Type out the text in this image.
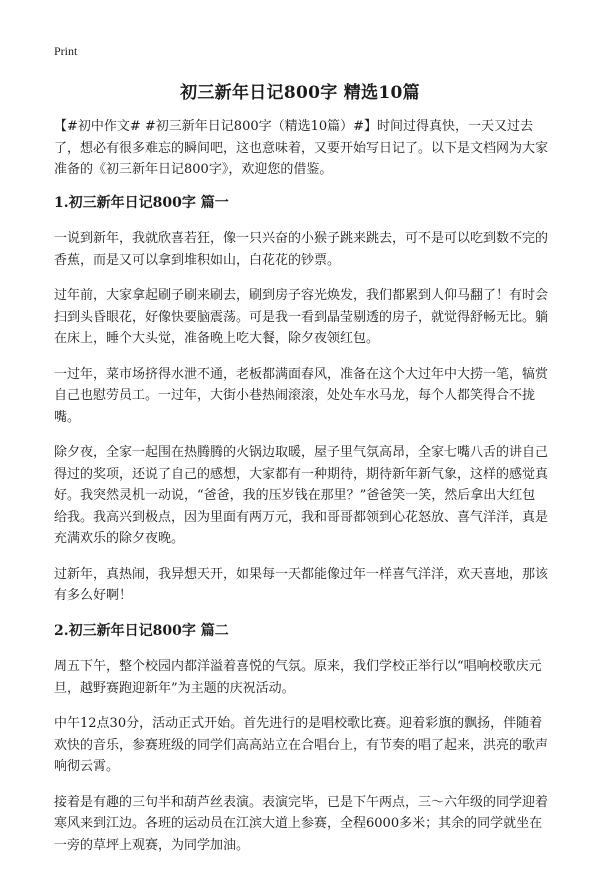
Print
初三新年日记800字 精选10篇

【#初中作文# #初三新年日记800字（精选10篇）#】时间过得真快，一天又过去了，想必有很多难忘的瞬间吧，这也意味着，又要开始写日记了。以下是文档网为大家准备的《初三新年日记800字》，欢迎您的借鉴。

1.初三新年日记800字 篇一

一说到新年，我就欣喜若狂，像一只兴奋的小猴子跳来跳去，可不是可以吃到数不完的香蕉，而是又可以拿到堆积如山，白花花的钞票。

过年前，大家拿起刷子刷来刷去，刷到房子容光焕发，我们都累到人仰马翻了！有时会扫到头昏眼花，好像快要脑震荡。可是我一看到晶莹剔透的房子，就觉得舒畅无比。躺在床上，睡个大头觉，准备晚上吃大餐，除夕夜领红包。

一过年，菜市场挤得水泄不通，老板都满面春风，准备在这个大过年中大捞一笔，犒赏自己也慰劳员工。一过年，大街小巷热闹滚滚，处处车水马龙，每个人都笑得合不拢嘴。

除夕夜，全家一起围在热腾腾的火锅边取暖，屋子里气氛高昂，全家七嘴八舌的讲自己得过的奖项，还说了自己的感想，大家都有一种期待，期待新年新气象，这样的感觉真好。我突然灵机一动说，“爸爸，我的压岁钱在那里？”爸爸笑一笑，然后拿出大红包给我。我高兴到极点，因为里面有两万元，我和哥哥都领到心花怒放、喜气洋洋，真是充满欢乐的除夕夜晚。

过新年，真热闹，我异想天开，如果每一天都能像过年一样喜气洋洋，欢天喜地，那该有多么好啊！

2.初三新年日记800字 篇二

周五下午，整个校园内都洋溢着喜悦的气氛。原来，我们学校正举行以“唱响校歌庆元旦，越野赛跑迎新年”为主题的庆祝活动。

中午12点30分，活动正式开始。首先进行的是唱校歌比赛。迎着彩旗的飘扬，伴随着欢快的音乐，参赛班级的同学们高高站立在合唱台上，有节奏的唱了起来，洪亮的歌声响彻云霄。

接着是有趣的三句半和葫芦丝表演。表演完毕，已是下午两点，三～六年级的同学迎着寒风来到江边。各班的运动员在江滨大道上参赛，全程6000多米；其余的同学就坐在一旁的草坪上观赛，为同学加油。
